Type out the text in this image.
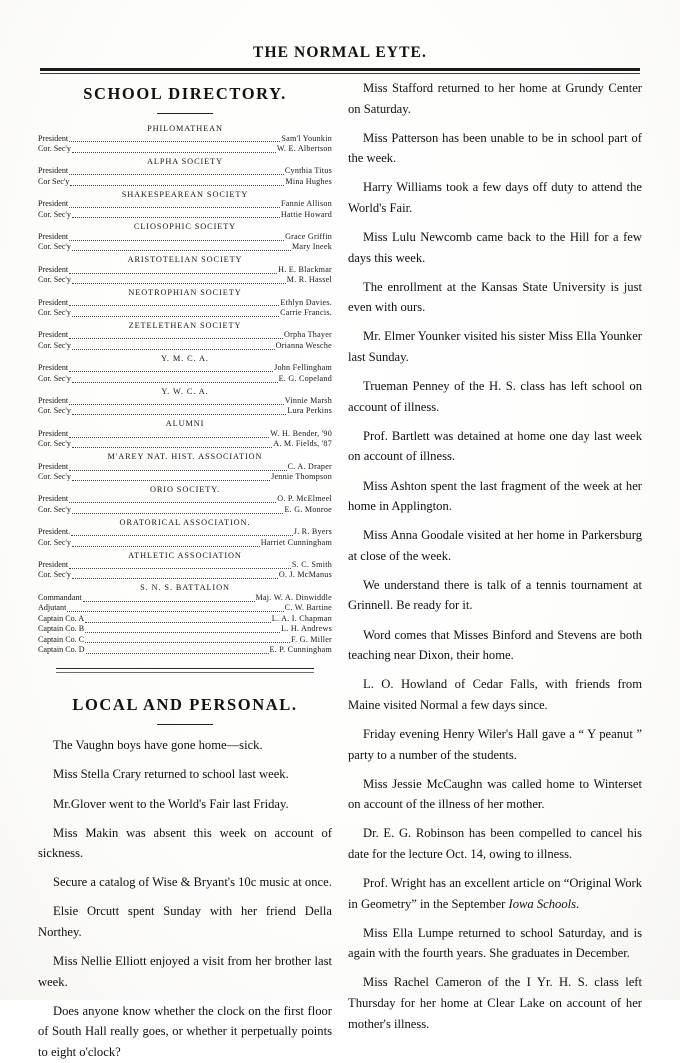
THE NORMAL EYTE.
SCHOOL DIRECTORY.
PHILOMATHEAN
President	Sam'l Younkin
Cor. Sec'y	W. E. Albertson
ALPHA SOCIETY
President	Cynthia Titus
Cor Sec'y	Mina Hughes
SHAKESPEAREAN SOCIETY
President	Fannie Allison
Cor. Sec'y	Hattie Howard
CLIOSOPHIC SOCIETY
President	Grace Griffin
Cor. Sec'y	Mary Ineek
ARISTOTELIAN SOCIETY
President	H. E. Blackmar
Cor. Sec'y	M. R. Hassel
NEOTROPHIAN SOCIETY
President	Ethlyn Davies.
Cor. Sec'y	Carrie Francis.
ZETELETHEAN SOCIETY
President	Orpha Thayer
Cor. Sec'y	Orianna Wesche
Y. M. C. A.
President	John Fellingham
Cor. Sec'y	E. G. Copeland
Y. W. C. A.
President	Vinnie Marsh
Cor. Sec'y	Lura Perkins
ALUMNI
President	W. H. Bender, '90
Cor. Sec'y	A. M. Fields, '87
M'AREY NAT. HIST. ASSOCIATION
President	C. A. Draper
Cor. Sec'y	Jennie Thompson
ORIO SOCIETY.
President	O. P. McElmeel
Cor. Sec'y	E. G. Monroe
ORATORICAL ASSOCIATION.
President.	J. R. Byers
Cor. Sec'y	Harriet Cunningham
ATHLETIC ASSOCIATION
President	S. C. Smith
Cor. Sec'y	O. J. McManus
S. N. S. BATTALION
Commandant	Maj. W. A. Dinwiddle
Adjutant	C. W. Bartine
Captain Co. A	L. A. I. Chapman
Captain Co. B	L. H. Andrews
Captain Co. C	F. G. Miller
Captain Co. D	E. P. Cunningham
LOCAL AND PERSONAL.

The Vaughn boys have gone home—sick.

Miss Stella Crary returned to school last week.

Mr.Glover went to the World's Fair last Friday.

Miss Makin was absent this week on account of sickness.

Secure a catalog of Wise & Bryant's 10c music at once.

Elsie Orcutt spent Sunday with her friend Della Northey.

Miss Nellie Elliott enjoyed a visit from her brother last week.

Does anyone know whether the clock on the first floor of South Hall really goes, or whether it perpetually points to eight o'clock?

Miss Stafford returned to her home at Grundy Center on Saturday.

Miss Patterson has been unable to be in school part of the week.

Harry Williams took a few days off duty to attend the World's Fair.

Miss Lulu Newcomb came back to the Hill for a few days this week.

The enrollment at the Kansas State University is just even with ours.

Mr. Elmer Younker visited his sister Miss Ella Younker last Sunday.

Trueman Penney of the H. S. class has left school on account of illness.

Prof. Bartlett was detained at home one day last week on account of illness.

Miss Ashton spent the last fragment of the week at her home in Applington.

Miss Anna Goodale visited at her home in Parkersburg at close of the week.

We understand there is talk of a tennis tournament at Grinnell. Be ready for it.

Word comes that Misses Binford and Stevens are both teaching near Dixon, their home.

L. O. Howland of Cedar Falls, with friends from Maine visited Normal a few days since.

Friday evening Henry Wiler's Hall gave a “ Y peanut ” party to a number of the students.

Miss Jessie McCaughn was called home to Winterset on account of the illness of her mother.

Dr. E. G. Robinson has been compelled to cancel his date for the lecture Oct. 14, owing to illness.

Prof. Wright has an excellent article on “Original Work in Geometry” in the September Iowa Schools.

Miss Ella Lumpe returned to school Saturday, and is again with the fourth years. She graduates in December.

Miss Rachel Cameron of the I Yr. H. S. class left Thursday for her home at Clear Lake on account of her mother's illness.
